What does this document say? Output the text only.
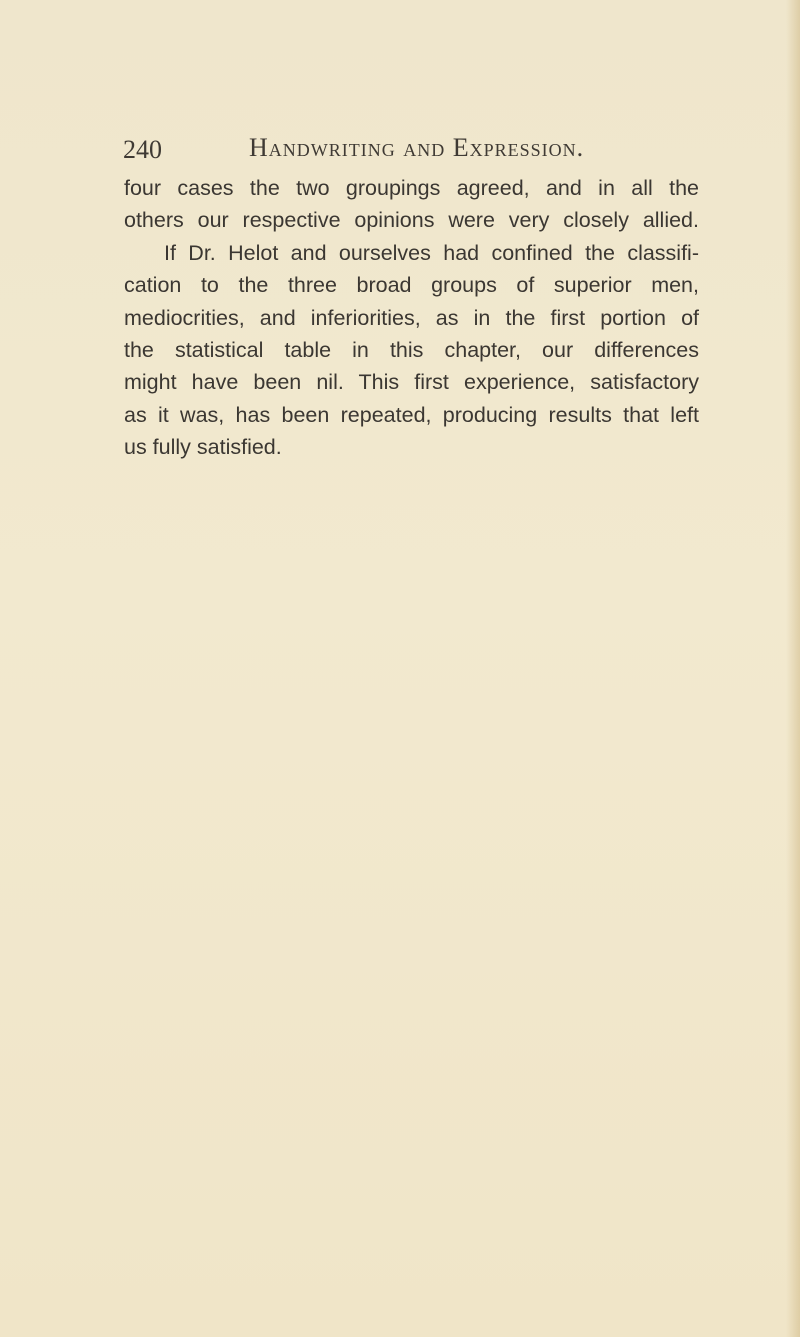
240	Handwriting and Expression.
four cases the two groupings agreed, and in all the
others our respective opinions were very closely allied.
If Dr. Helot and ourselves had confined the classifi-
cation to the three broad groups of superior men,
mediocrities, and inferiorities, as in the first portion of
the statistical table in this chapter, our differences
might have been nil. This first experience, satisfactory
as it was, has been repeated, producing results that left
us fully satisfied.
